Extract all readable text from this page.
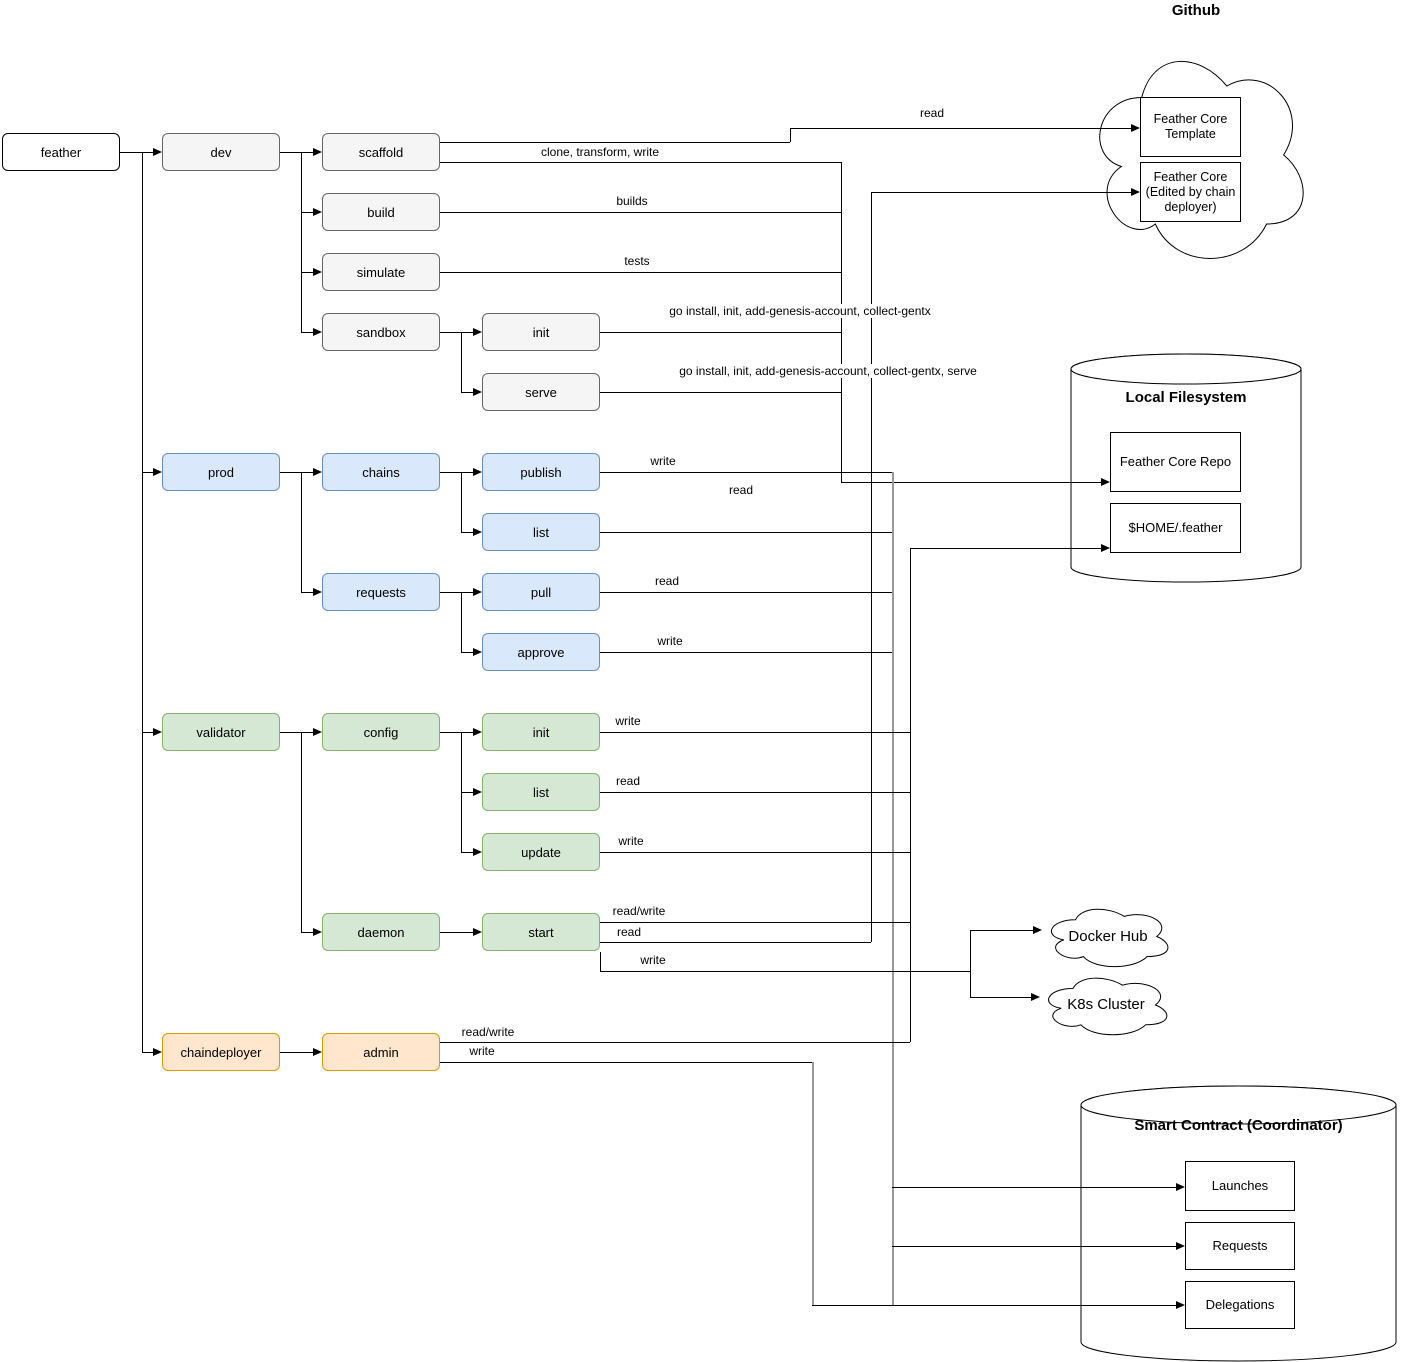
Github
Feather Core Template
Feather Core (Edited by chain deployer)
Local Filesystem
Feather Core Repo
$HOME/.feather
Docker Hub
K8s Cluster
Smart Contract (Coordinator)
Launches
Requests
Delegations
feather	dev	scaffold
build
simulate
sandbox	init
serve
prod	chains	publish
list
requests	pull
approve
validator	config	init
list
update
daemon	start
chaindeployer	admin
read
clone, transform, write
builds
tests
go install, init, add-genesis-account, collect-gentx
go install, init, add-genesis-account, collect-gentx, serve
write
read
read
write
write
read
write
read/write
read
write
read/write
write
